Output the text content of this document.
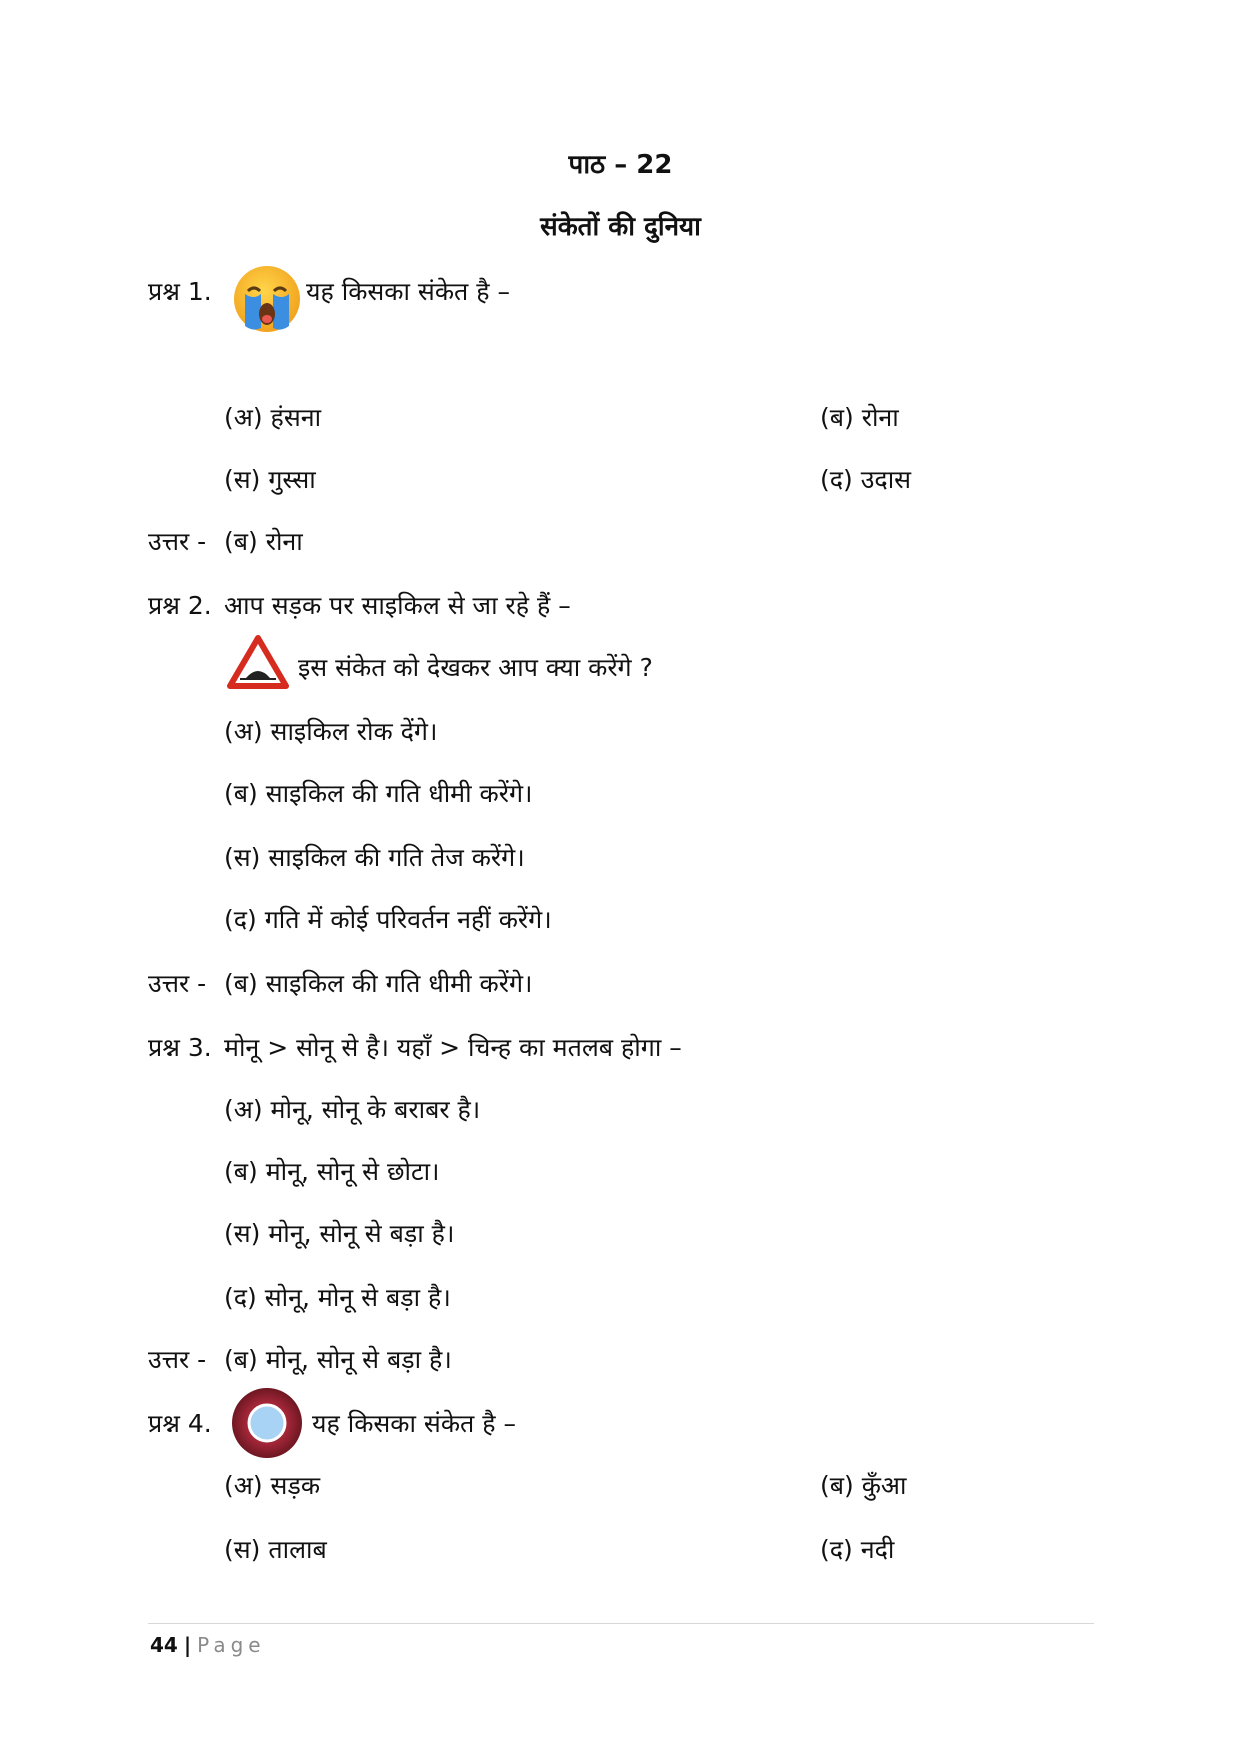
पाठ – 22
संकेतों की दुनिया
प्रश्न 1.	यह किसका संकेत है –
(अ) हंसना	(ब) रोना
(स) गुस्सा	(द) उदास
उत्तर - (ब) रोना
प्रश्न 2. आप सड़क पर साइकिल से जा रहे हैं –
इस संकेत को देखकर आप क्या करेंगे ?
(अ) साइकिल रोक देंगे।
(ब) साइकिल की गति धीमी करेंगे।
(स) साइकिल की गति तेज करेंगे।
(द) गति में कोई परिवर्तन नहीं करेंगे।
उत्तर - (ब) साइकिल की गति धीमी करेंगे।
प्रश्न 3. मोनू > सोनू से है। यहाँ > चिन्ह का मतलब होगा –
(अ) मोनू, सोनू के बराबर है।
(ब) मोनू, सोनू से छोटा।
(स) मोनू, सोनू से बड़ा है।
(द) सोनू, मोनू से बड़ा है।
उत्तर - (ब) मोनू, सोनू से बड़ा है।
प्रश्न 4.	यह किसका संकेत है –
(अ) सड़क	(ब) कुँआ
(स) तालाब	(द) नदी
44 | Page
